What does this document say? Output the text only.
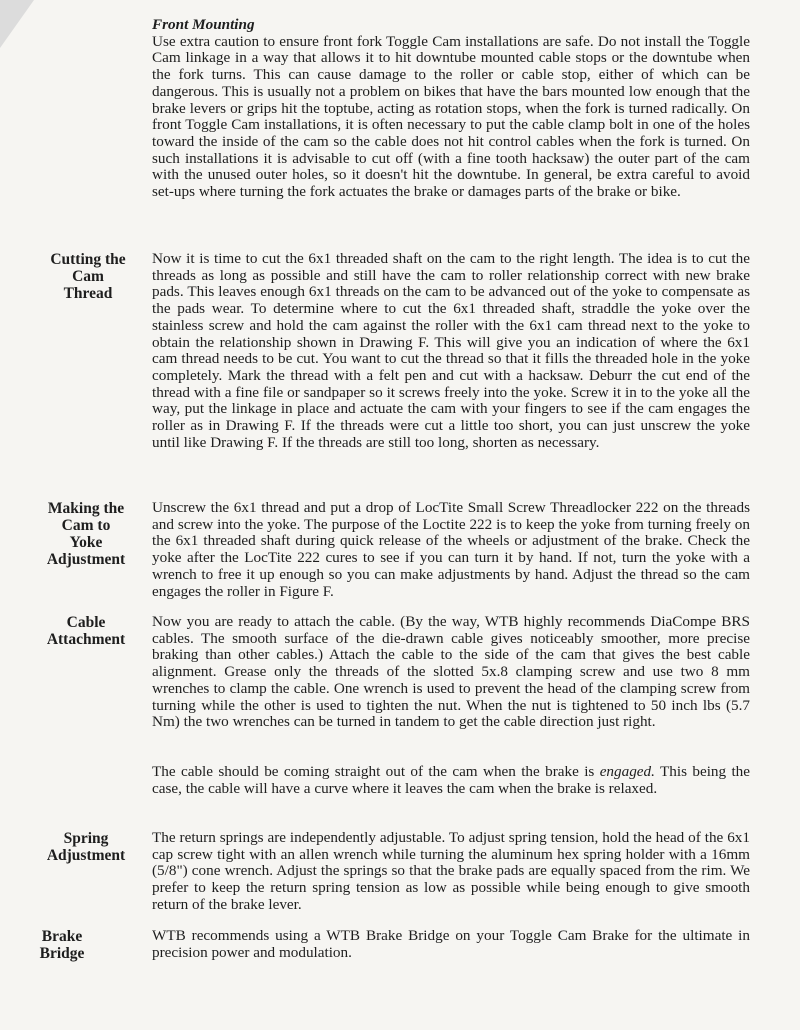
Front Mounting
Use extra caution to ensure front fork Toggle Cam installations are safe. Do not install the Toggle Cam linkage in a way that allows it to hit downtube mounted cable stops or the downtube when the fork turns. This can cause damage to the roller or cable stop, either of which can be dangerous. This is usually not a problem on bikes that have the bars mounted low enough that the brake levers or grips hit the toptube, acting as rotation stops, when the fork is turned radically. On front Toggle Cam installations, it is often necessary to put the cable clamp bolt in one of the holes toward the inside of the cam so the cable does not hit control cables when the fork is turned. On such installations it is advisable to cut off (with a fine tooth hacksaw) the outer part of the cam with the unused outer holes, so it doesn't hit the downtube. In general, be extra careful to avoid set-ups where turning the fork actuates the brake or damages parts of the brake or bike.
Cutting the
Cam
Thread
Now it is time to cut the 6x1 threaded shaft on the cam to the right length. The idea is to cut the threads as long as possible and still have the cam to roller relationship correct with new brake pads. This leaves enough 6x1 threads on the cam to be advanced out of the yoke to compensate as the pads wear. To determine where to cut the 6x1 threaded shaft, straddle the yoke over the stainless screw and hold the cam against the roller with the 6x1 cam thread next to the yoke to obtain the relationship shown in Drawing F. This will give you an indication of where the 6x1 cam thread needs to be cut. You want to cut the thread so that it fills the threaded hole in the yoke completely. Mark the thread with a felt pen and cut with a hacksaw. Deburr the cut end of the thread with a fine file or sandpaper so it screws freely into the yoke. Screw it in to the yoke all the way, put the linkage in place and actuate the cam with your fingers to see if the cam engages the roller as in Drawing F. If the threads were cut a little too short, you can just unscrew the yoke until like Drawing F. If the threads are still too long, shorten as necessary.
Making the
Cam to
Yoke
Adjustment
Unscrew the 6x1 thread and put a drop of LocTite Small Screw Threadlocker 222 on the threads and screw into the yoke. The purpose of the Loctite 222 is to keep the yoke from turning freely on the 6x1 threaded shaft during quick release of the wheels or adjustment of the brake. Check the yoke after the LocTite 222 cures to see if you can turn it by hand. If not, turn the yoke with a wrench to free it up enough so you can make adjustments by hand. Adjust the thread so the cam engages the roller in Figure F.
Cable
Attachment
Now you are ready to attach the cable. (By the way, WTB highly recommends DiaCompe BRS cables. The smooth surface of the die-drawn cable gives noticeably smoother, more precise braking than other cables.) Attach the cable to the side of the cam that gives the best cable alignment. Grease only the threads of the slotted 5x.8 clamping screw and use two 8 mm wrenches to clamp the cable. One wrench is used to prevent the head of the clamping screw from turning while the other is used to tighten the nut. When the nut is tightened to 50 inch lbs (5.7 Nm) the two wrenches can be turned in tandem to get the cable direction just right.
The cable should be coming straight out of the cam when the brake is engaged. This being the case, the cable will have a curve where it leaves the cam when the brake is relaxed.
Spring
Adjustment
The return springs are independently adjustable. To adjust spring tension, hold the head of the 6x1 cap screw tight with an allen wrench while turning the aluminum hex spring holder with a 16mm (5/8") cone wrench. Adjust the springs so that the brake pads are equally spaced from the rim. We prefer to keep the return spring tension as low as possible while being enough to give smooth return of the brake lever.
Brake
Bridge
WTB recommends using a WTB Brake Bridge on your Toggle Cam Brake for the ultimate in precision power and modulation.
